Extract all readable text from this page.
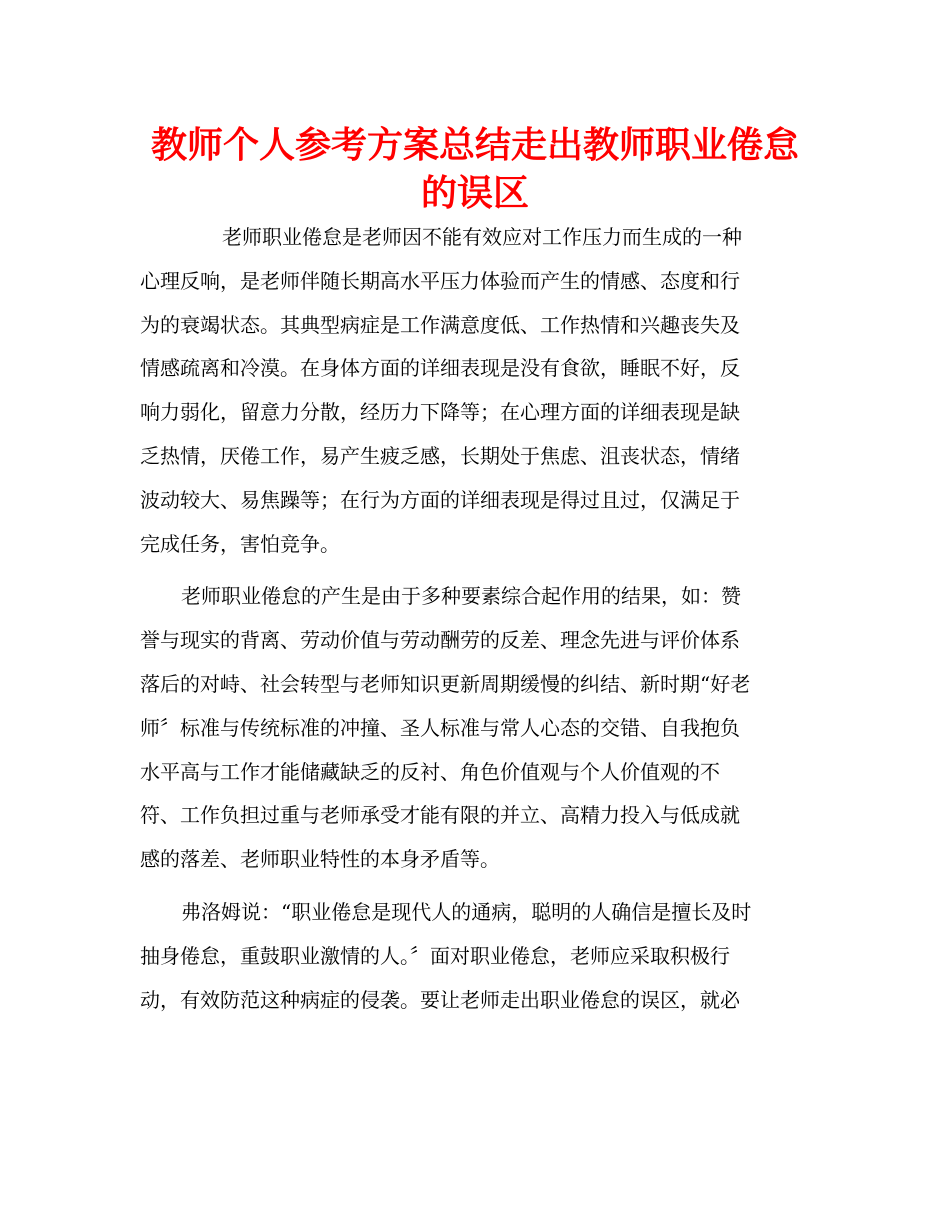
教师个人参考方案总结走出教师职业倦怠
的误区
老师职业倦怠是老师因不能有效应对工作压力而生成的一种
心理反响，是老师伴随长期高水平压力体验而产生的情感、态度和行
为的衰竭状态。其典型病症是工作满意度低、工作热情和兴趣丧失及
情感疏离和冷漠。在身体方面的详细表现是没有食欲，睡眠不好，反
响力弱化，留意力分散，经历力下降等；在心理方面的详细表现是缺
乏热情，厌倦工作，易产生疲乏感，长期处于焦虑、沮丧状态，情绪
波动较大、易焦躁等；在行为方面的详细表现是得过且过，仅满足于
完成任务，害怕竞争。
老师职业倦怠的产生是由于多种要素综合起作用的结果，如：赞
誉与现实的背离、劳动价值与劳动酬劳的反差、理念先进与评价体系
落后的对峙、社会转型与老师知识更新周期缓慢的纠结、新时期“好老
师〞标准与传统标准的冲撞、圣人标准与常人心态的交错、自我抱负
水平高与工作才能储藏缺乏的反衬、角色价值观与个人价值观的不
符、工作负担过重与老师承受才能有限的并立、高精力投入与低成就
感的落差、老师职业特性的本身矛盾等。
弗洛姆说：“职业倦怠是现代人的通病，聪明的人确信是擅长及时
抽身倦怠，重鼓职业激情的人。〞面对职业倦怠，老师应采取积极行
动，有效防范这种病症的侵袭。要让老师走出职业倦怠的误区，就必
